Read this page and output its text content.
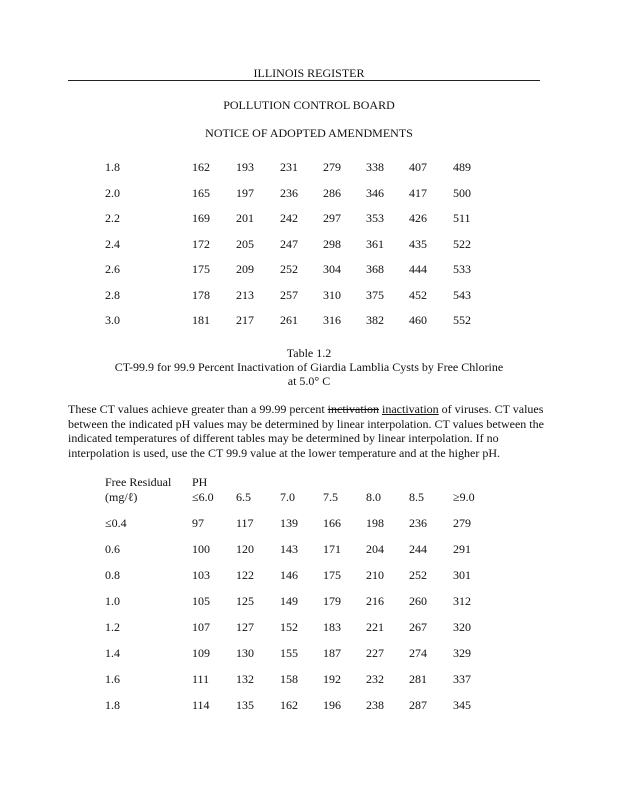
ILLINOIS REGISTER
POLLUTION CONTROL BOARD
NOTICE OF ADOPTED AMENDMENTS
1.8	162 193 231 279 338 407 489
2.0	165 197 236 286 346 417 500
2.2	169 201 242 297 353 426 511
2.4	172 205 247 298 361 435 522
2.6	175 209 252 304 368 444 533
2.8	178 213 257 310 375 452 543
3.0	181 217 261 316 382 460 552
Table 1.2
CT-99.9 for 99.9 Percent Inactivation of Giardia Lamblia Cysts by Free Chlorine
at 5.0° C

These CT values achieve greater than a 99.99 percent inctivation inactivation of viruses. CT values between the indicated pH values may be determined by linear interpolation. CT values between the indicated temperatures of different tables may be determined by linear interpolation. If no interpolation is used, use the CT 99.9 value at the lower temperature and at the higher pH.

Free Residual PH
(mg/ℓ)	≤6.0 6.5 7.0 7.5 8.0 8.5 ≥9.0
≤0.4	97	117 139 166 198 236 279
0.6	100 120 143 171 204 244 291
0.8	103 122 146 175 210 252 301
1.0	105 125 149 179 216 260 312
1.2	107 127 152 183 221 267 320
1.4	109 130 155 187 227 274 329
1.6	111 132 158 192 232 281 337
1.8	114 135 162 196 238 287 345
